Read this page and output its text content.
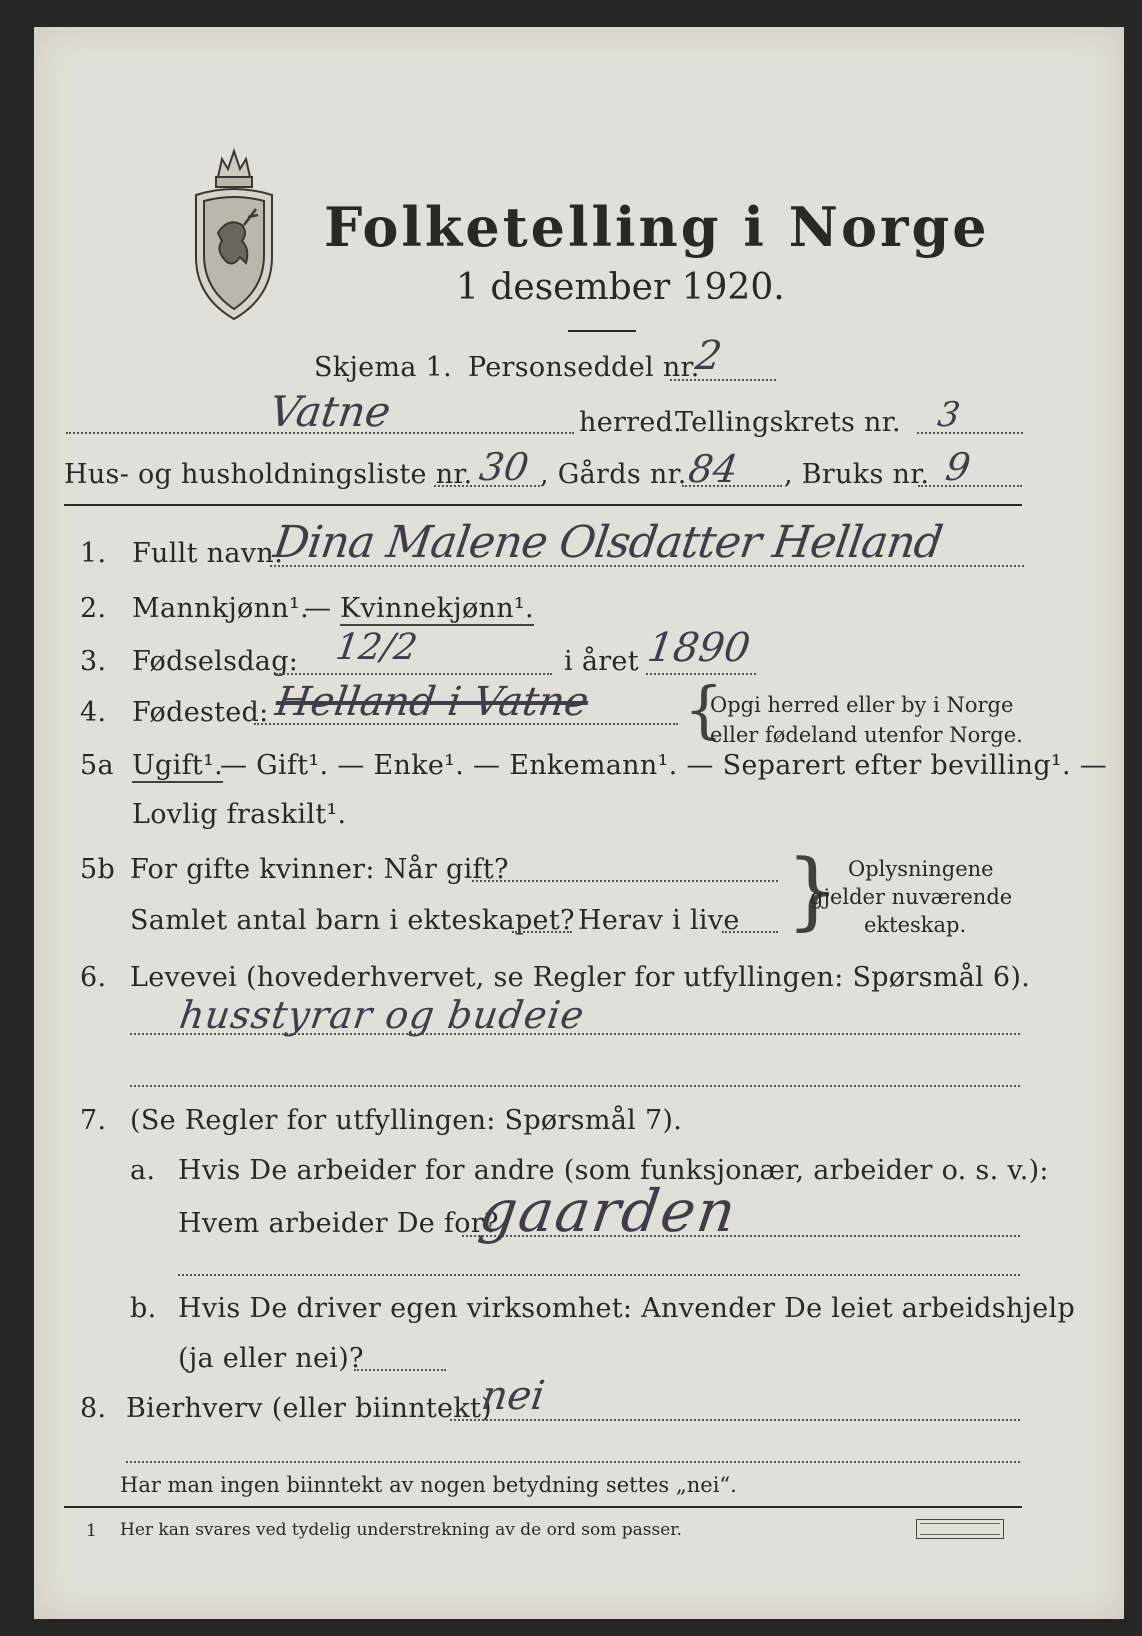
Folketelling i Norge
1 desember 1920.
Skjema 1. Personseddel nr.
2
Vatne	herred.
Tellingskrets nr. 3
Hus- og husholdningsliste nr. 30 , Gårds nr. 84 , Bruks nr. 9
1. Fullt navn:
Dina Malene Olsdatter Helland
2. Mannkjønn¹.
— Kvinnekjønn¹.
3. Fødselsdag: 12/2	i året 1890
4. Fødested: Helland i Vatne {
Opgi herred eller by i Norge
eller fødeland utenfor Norge.
5a Ugift¹.
— Gift¹. — Enke¹. — Enkemann¹. — Separert efter bevilling¹. —
Lovlig fraskilt¹.
5b For gifte kvinner: Når gift?
Samlet antal barn i ekteskapet? Herav i live } Oplysningene
gjelder nuværende
ekteskap.
6. Levevei (hovederhvervet, se Regler for utfyllingen: Spørsmål 6).
husstyrar og budeie
7. (Se Regler for utfyllingen: Spørsmål 7).
a. Hvis De arbeider for andre (som funksjonær, arbeider o. s. v.):
Hvem arbeider De for?
gaarden
b. Hvis De driver egen virksomhet: Anvender De leiet arbeidshjelp
(ja eller nei)?
8. Bierhverv (eller biinntekt)
nei
Har man ingen biinntekt av nogen betydning settes „nei“.
1 Her kan svares ved tydelig understrekning av de ord som passer.
